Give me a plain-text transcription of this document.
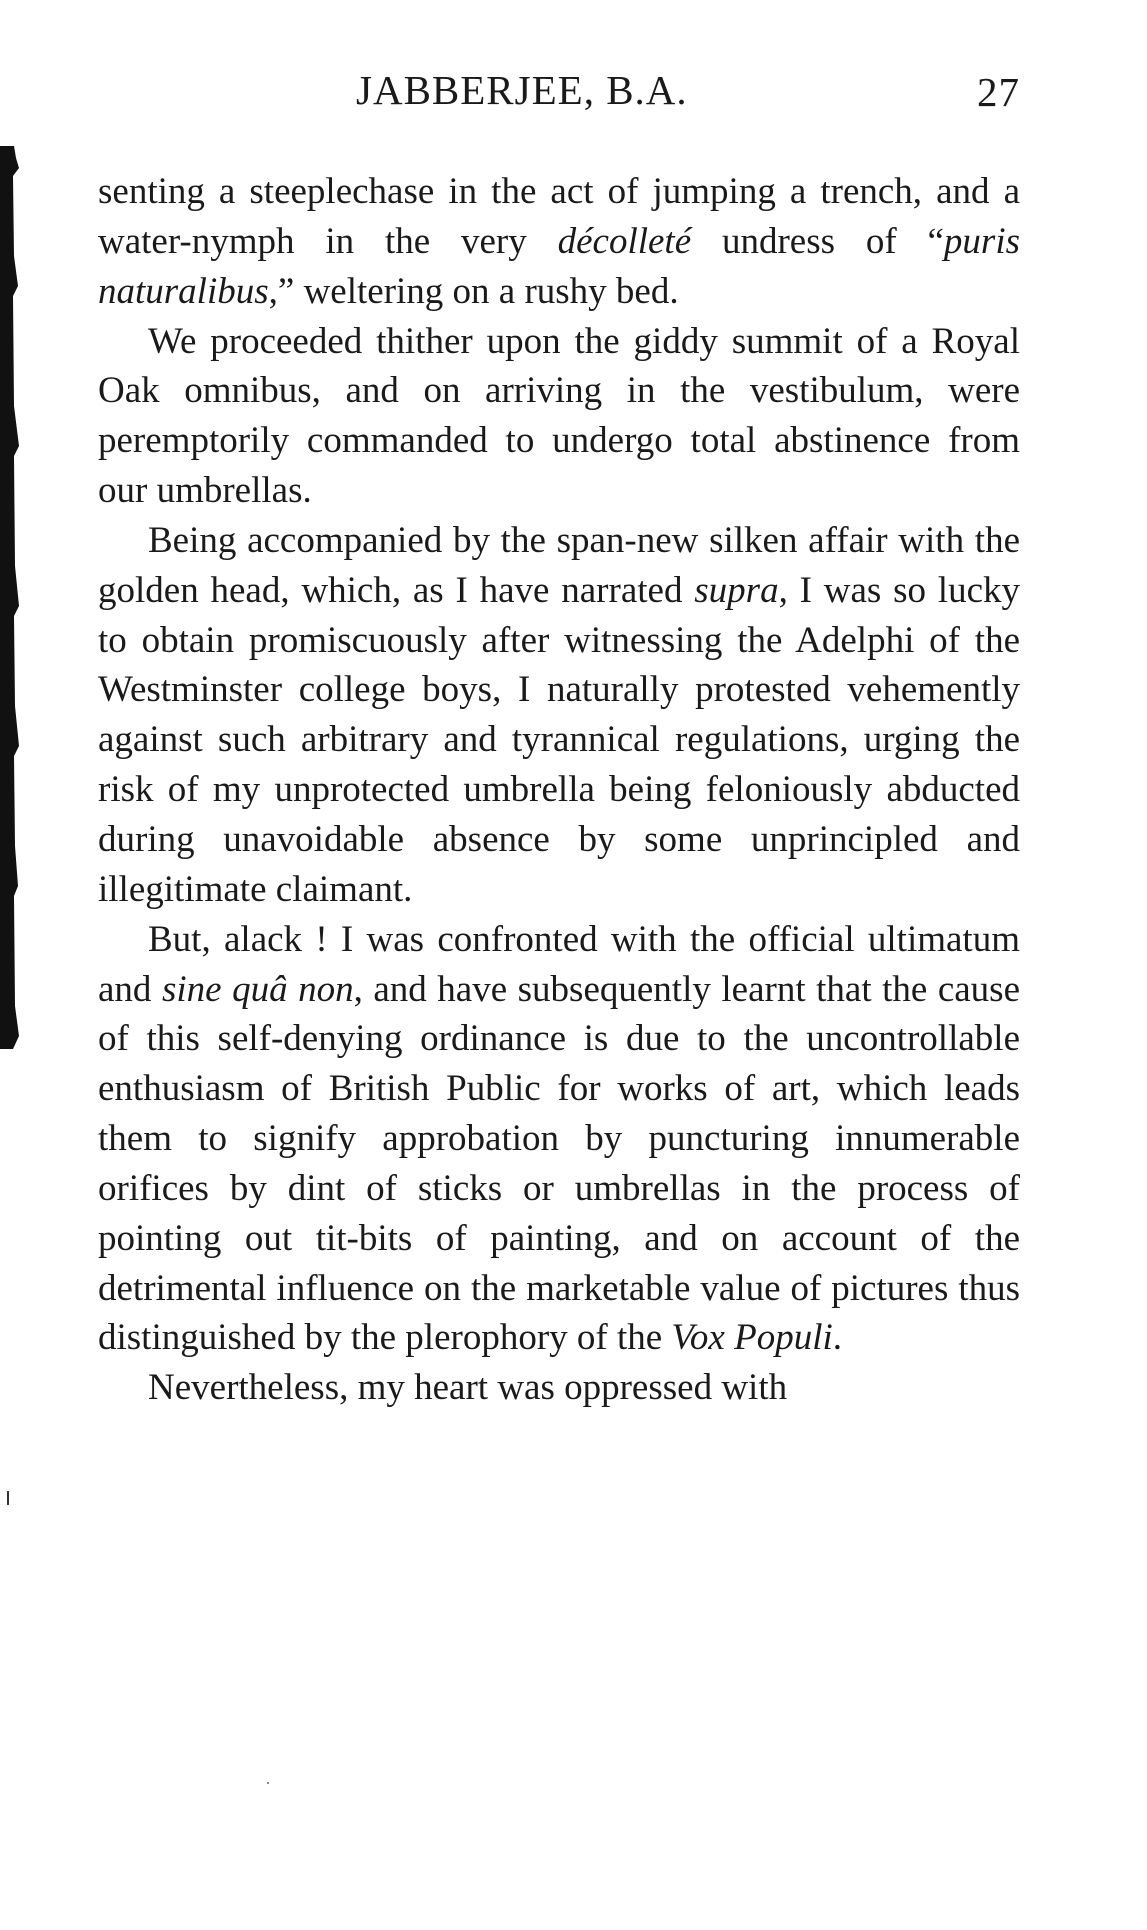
JABBERJEE, B.A.	27

senting a steeplechase in the act of jumping a trench, and a water-nymph in the very décolleté undress of “puris naturalibus,” weltering on a rushy bed.

We proceeded thither upon the giddy summit of a Royal Oak omnibus, and on arriving in the vestibulum, were peremptorily commanded to undergo total abstinence from our umbrellas.

Being accompanied by the span-new silken affair with the golden head, which, as I have narrated supra, I was so lucky to obtain promiscuously after witnessing the Adelphi of the Westminster college boys, I naturally protested vehemently against such arbitrary and tyrannical regulations, urging the risk of my unprotected umbrella being feloniously abducted during unavoidable absence by some unprincipled and illegitimate claimant.

But, alack ! I was confronted with the official ultimatum and sine quâ non, and have subsequently learnt that the cause of this self-denying ordinance is due to the uncontrollable enthusiasm of British Public for works of art, which leads them to signify approbation by puncturing innumerable orifices by dint of sticks or umbrellas in the process of pointing out tit-bits of painting, and on account of the detrimental influence on the marketable value of pictures thus distinguished by the plerophory of the Vox Populi.

Nevertheless, my heart was oppressed with
